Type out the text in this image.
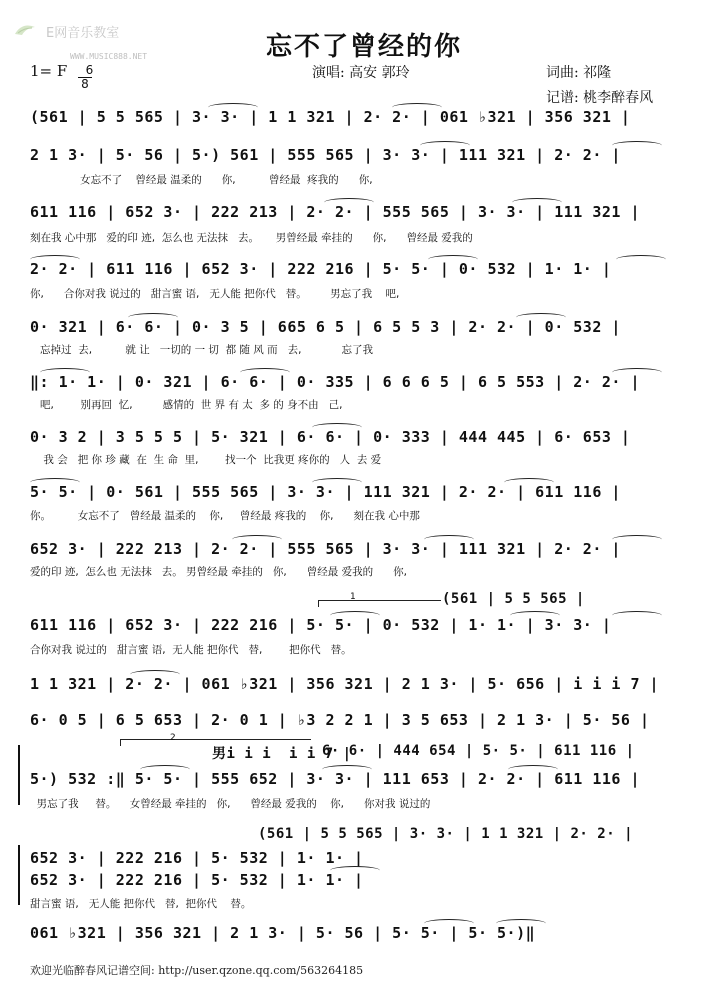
E网音乐教室
WWW.MUSIC888.NET	忘不了曾经的你
1= F	6
8

演唱: 高安 郭玲	词曲: 祁隆
记谱: 桃李醉春风
(561 | 5 5 565 | 3· 3· | 1 1 321 | 2· 2· | 061 ♭321 | 356 321 |
2 1 3· | 5· 56 | 5·) 561 | 555 565 | 3· 3· | 111 321 | 2· 2· |
女忘不了    曾经最 温柔的      你,          曾经最  疼我的      你,
611 116 | 652 3· | 222 213 | 2· 2· | 555 565 | 3· 3· | 111 321 |
刻在我 心中那   爱的印 迹,  怎么也 无法抹   去。     男曾经最 牵挂的      你,      曾经最 爱我的
2· 2· | 611 116 | 652 3· | 222 216 | 5· 5· | 0· 532 | 1· 1· |
你,      合你对我 说过的   甜言蜜 语,   无人能 把你代   替。       男忘了我    吧,
0· 321 | 6· 6· | 0· 3 5 | 665 6 5 | 6 5 5 3 | 2· 2· | 0· 532 |
忘掉过  去,          就 让   一切的 一 切  都 随 风 而   去,            忘了我
‖: 1· 1· | 0· 321 | 6· 6· | 0· 335 | 6 6 6 5 | 6 5 553 | 2· 2· |
吧,        别再回  忆,         感情的  世 界 有 太  多 的 身不由   己,
0· 3 2 | 3 5 5 5 | 5· 321 | 6· 6· | 0· 333 | 444 445 | 6· 653 |
我 会   把 你 珍 藏  在  生 命  里,        找一个  比我更 疼你的   人  去 爱
5· 5· | 0· 561 | 555 565 | 3· 3· | 111 321 | 2· 2· | 611 116 |
你。        女忘不了   曾经最 温柔的    你,     曾经最 疼我的    你,      刻在我 心中那
652 3· | 222 213 | 2· 2· | 555 565 | 3· 3· | 111 321 | 2· 2· |
爱的印 迹,  怎么也 无法抹   去。 男曾经最 牵挂的   你,      曾经最 爱我的      你,
1	(561 | 5 5 565 |
611 116 | 652 3· | 222 216 | 5· 5· | 0· 532 | 1· 1· | 3· 3· |
合你对我 说过的   甜言蜜 语,  无人能 把你代   替,        把你代   替。
1 1 321 | 2· 2· | 061 ♭321 | 356 321 | 2 1 3· | 5· 656 | i i i 7 |
6· 0 5 | 6 5 653 | 2· 0 1 | ♭3 2 2 1 | 3 5 653 | 2 1 3· | 5· 56 |
2
男i i i  i i 7 |
6· 6· | 444 654 | 5· 5· | 611 116 |
5·) 532 :‖ 5· 5· | 555 652 | 3· 3· | 111 653 | 2· 2· | 611 116 |
男忘了我     替。    女曾经最 牵挂的   你,      曾经最 爱我的    你,      你对我 说过的
(561 | 5 5 565 | 3· 3· | 1 1 321 | 2· 2· |
652 3· | 222 216 | 5· 532 | 1· 1· |
652 3· | 222 216 | 5· 532 | 1· 1· |
甜言蜜 语,   无人能 把你代   替,  把你代    替。
061 ♭321 | 356 321 | 2 1 3· | 5· 56 | 5· 5· | 5· 5·)‖
欢迎光临醉春风记谱空间: http://user.qzone.qq.com/563264185
